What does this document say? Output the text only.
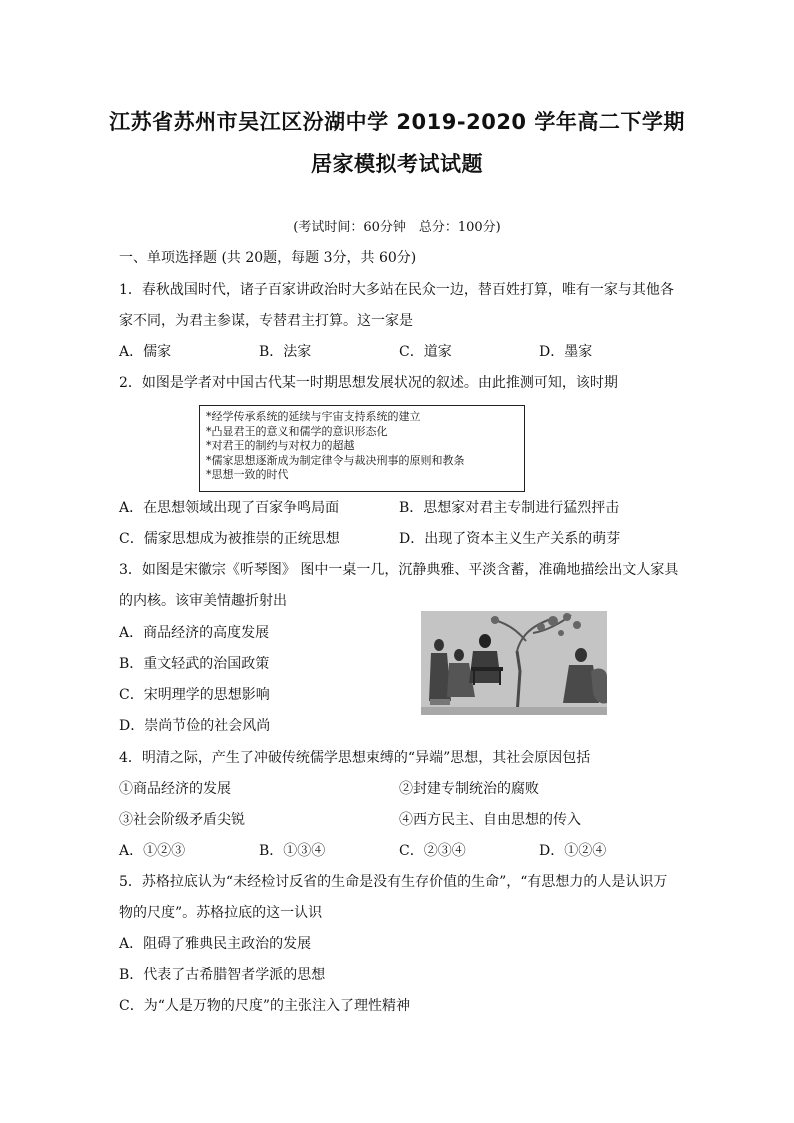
江苏省苏州市吴江区汾湖中学 2019-2020 学年高二下学期
居家模拟考试试题
(考试时间：60分钟　总分：100分)
一、单项选择题 (共 20题，每题 3分，共 60分)
1．春秋战国时代，诸子百家讲政治时大多站在民众一边，替百姓打算，唯有一家与其他各
家不同，为君主参谋，专替君主打算。这一家是
A．儒家	B．法家	C．道家	D．墨家
2．如图是学者对中国古代某一时期思想发展状况的叙述。由此推测可知，该时期
*经学传承系统的延续与宇宙支持系统的建立
*凸显君王的意义和儒学的意识形态化
*对君王的制约与对权力的超越
*儒家思想逐渐成为制定律令与裁决刑事的原则和教条
*思想一致的时代
A．在思想领域出现了百家争鸣局面	B．思想家对君主专制进行猛烈抨击
C．儒家思想成为被推崇的正统思想	D．出现了资本主义生产关系的萌芽
3．如图是宋徽宗《听琴图》 图中一桌一几，沉静典雅、平淡含蓄，准确地描绘出文人家具
的内核。该审美情趣折射出
A．商品经济的高度发展
B．重文轻武的治国政策
C．宋明理学的思想影响
D．崇尚节俭的社会风尚
4．明清之际，产生了冲破传统儒学思想束缚的“异端”思想，其社会原因包括
①商品经济的发展	②封建专制统治的腐败
③社会阶级矛盾尖锐	④西方民主、自由思想的传入
A．①②③	B．①③④	C．②③④	D．①②④
5．苏格拉底认为“未经检讨反省的生命是没有生存价值的生命”，“有思想力的人是认识万
物的尺度”。苏格拉底的这一认识
A．阻碍了雅典民主政治的发展
B．代表了古希腊智者学派的思想
C．为“人是万物的尺度”的主张注入了理性精神
